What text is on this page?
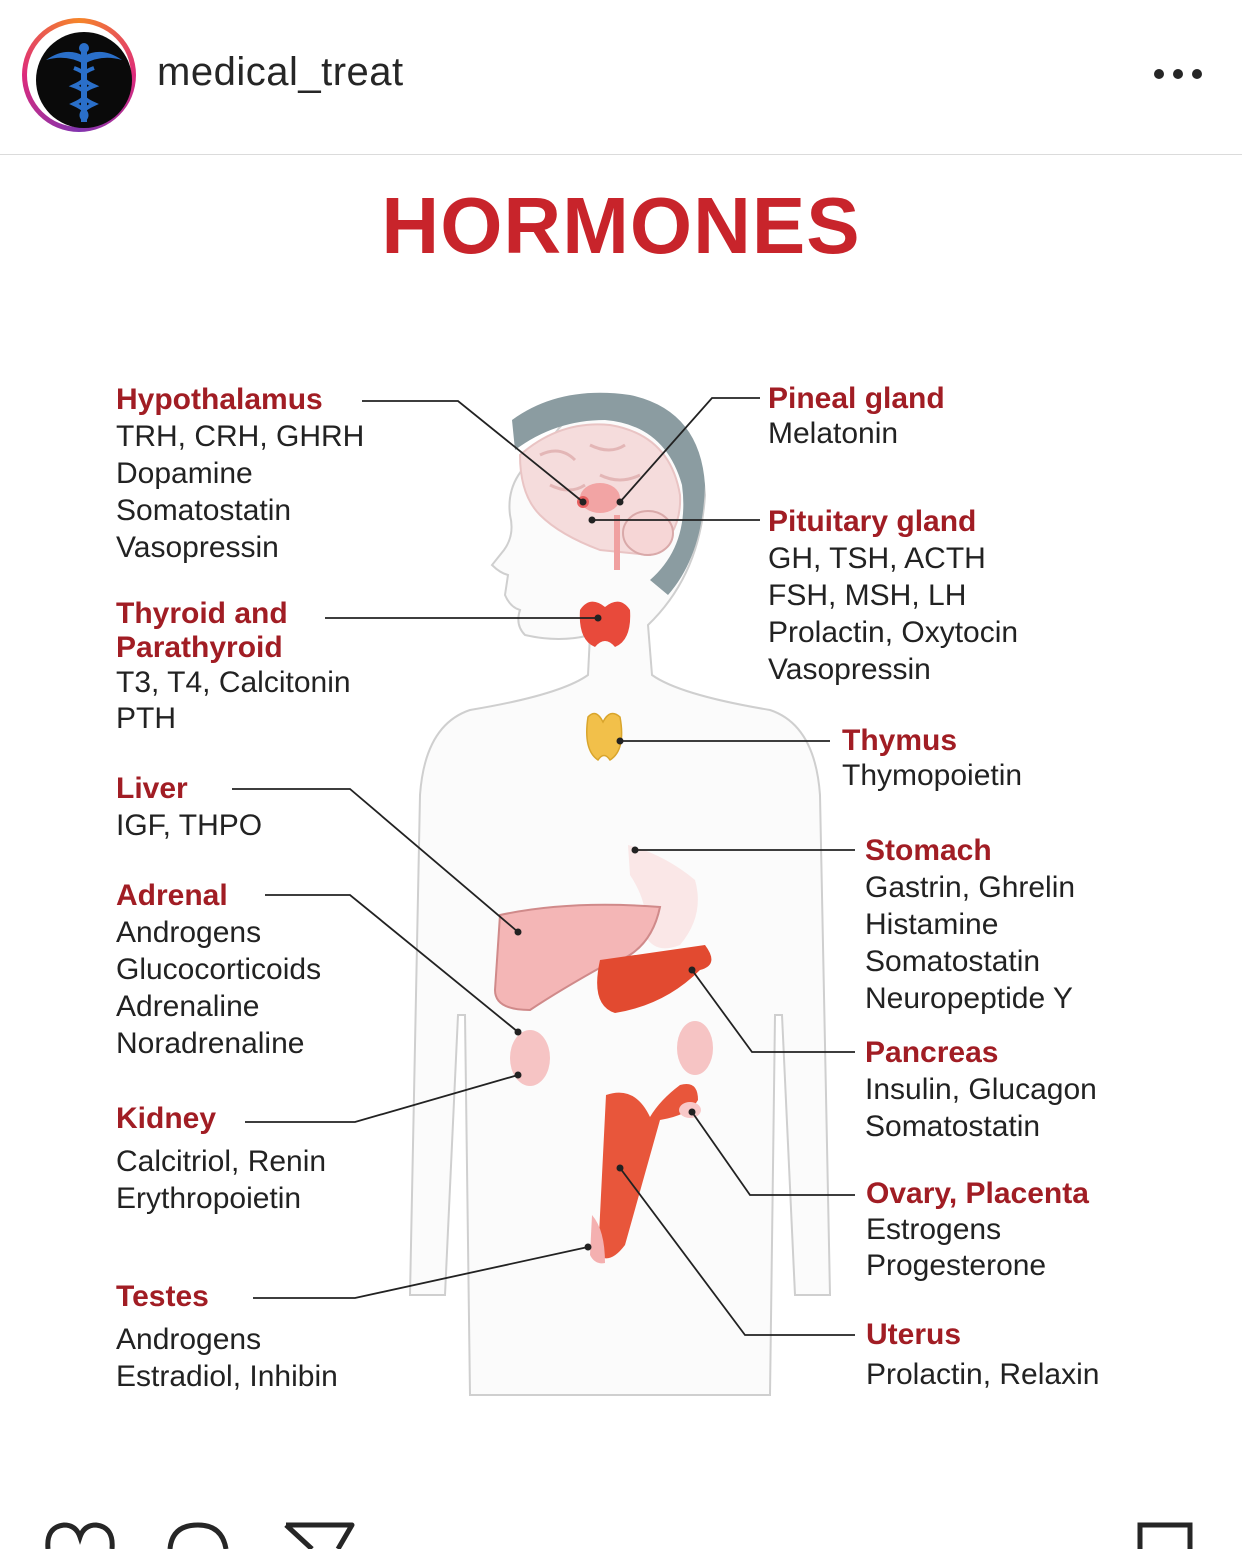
medical_treat
HORMONES
Hypothalamus
TRH, CRH, GHRH
Dopamine
Somatostatin
Vasopressin
Thyroid and
Parathyroid
T3, T4, Calcitonin
PTH
Liver
IGF, THPO
Adrenal
Androgens
Glucocorticoids
Adrenaline
Noradrenaline
Kidney
Calcitriol, Renin
Erythropoietin
Testes
Androgens
Estradiol, Inhibin
Pineal gland
Melatonin
Pituitary gland
GH, TSH, ACTH
FSH, MSH, LH
Prolactin, Oxytocin
Vasopressin
Thymus
Thymopoietin
Stomach
Gastrin, Ghrelin
Histamine
Somatostatin
Neuropeptide Y
Pancreas
Insulin, Glucagon
Somatostatin
Ovary, Placenta
Estrogens
Progesterone
Uterus
Prolactin, Relaxin
